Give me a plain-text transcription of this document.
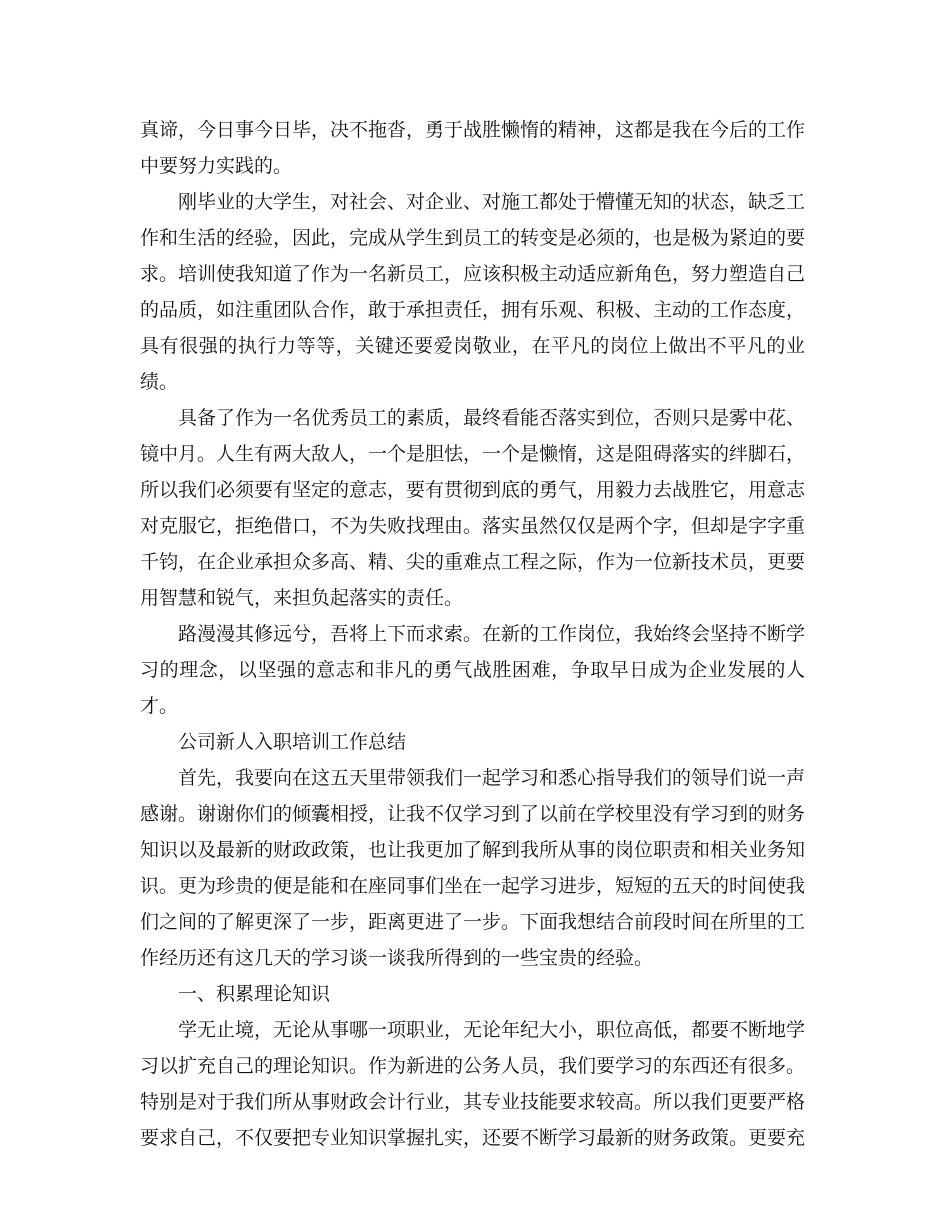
真谛，今日事今日毕，决不拖沓，勇于战胜懒惰的精神，这都是我在今后的工作中要努力实践的。

刚毕业的大学生，对社会、对企业、对施工都处于懵懂无知的状态，缺乏工作和生活的经验，因此，完成从学生到员工的转变是必须的，也是极为紧迫的要求。培训使我知道了作为一名新员工，应该积极主动适应新角色，努力塑造自己的品质，如注重团队合作，敢于承担责任，拥有乐观、积极、主动的工作态度，具有很强的执行力等等，关键还要爱岗敬业，在平凡的岗位上做出不平凡的业绩。

具备了作为一名优秀员工的素质，最终看能否落实到位，否则只是雾中花、镜中月。人生有两大敌人，一个是胆怯，一个是懒惰，这是阻碍落实的绊脚石，所以我们必须要有坚定的意志，要有贯彻到底的勇气，用毅力去战胜它，用意志对克服它，拒绝借口，不为失败找理由。落实虽然仅仅是两个字，但却是字字重千钧，在企业承担众多高、精、尖的重难点工程之际，作为一位新技术员，更要用智慧和锐气，来担负起落实的责任。

路漫漫其修远兮，吾将上下而求索。在新的工作岗位，我始终会坚持不断学习的理念，以坚强的意志和非凡的勇气战胜困难，争取早日成为企业发展的人才。

公司新人入职培训工作总结

首先，我要向在这五天里带领我们一起学习和悉心指导我们的领导们说一声感谢。谢谢你们的倾囊相授，让我不仅学习到了以前在学校里没有学习到的财务知识以及最新的财政政策，也让我更加了解到我所从事的岗位职责和相关业务知识。更为珍贵的便是能和在座同事们坐在一起学习进步，短短的五天的时间使我们之间的了解更深了一步，距离更进了一步。下面我想结合前段时间在所里的工作经历还有这几天的学习谈一谈我所得到的一些宝贵的经验。

一、积累理论知识

学无止境，无论从事哪一项职业，无论年纪大小，职位高低，都要不断地学习以扩充自己的理论知识。作为新进的公务人员，我们要学习的东西还有很多。特别是对于我们所从事财政会计行业，其专业技能要求较高。所以我们更要严格要求自己，不仅要把专业知识掌握扎实，还要不断学习最新的财务政策。更要充
